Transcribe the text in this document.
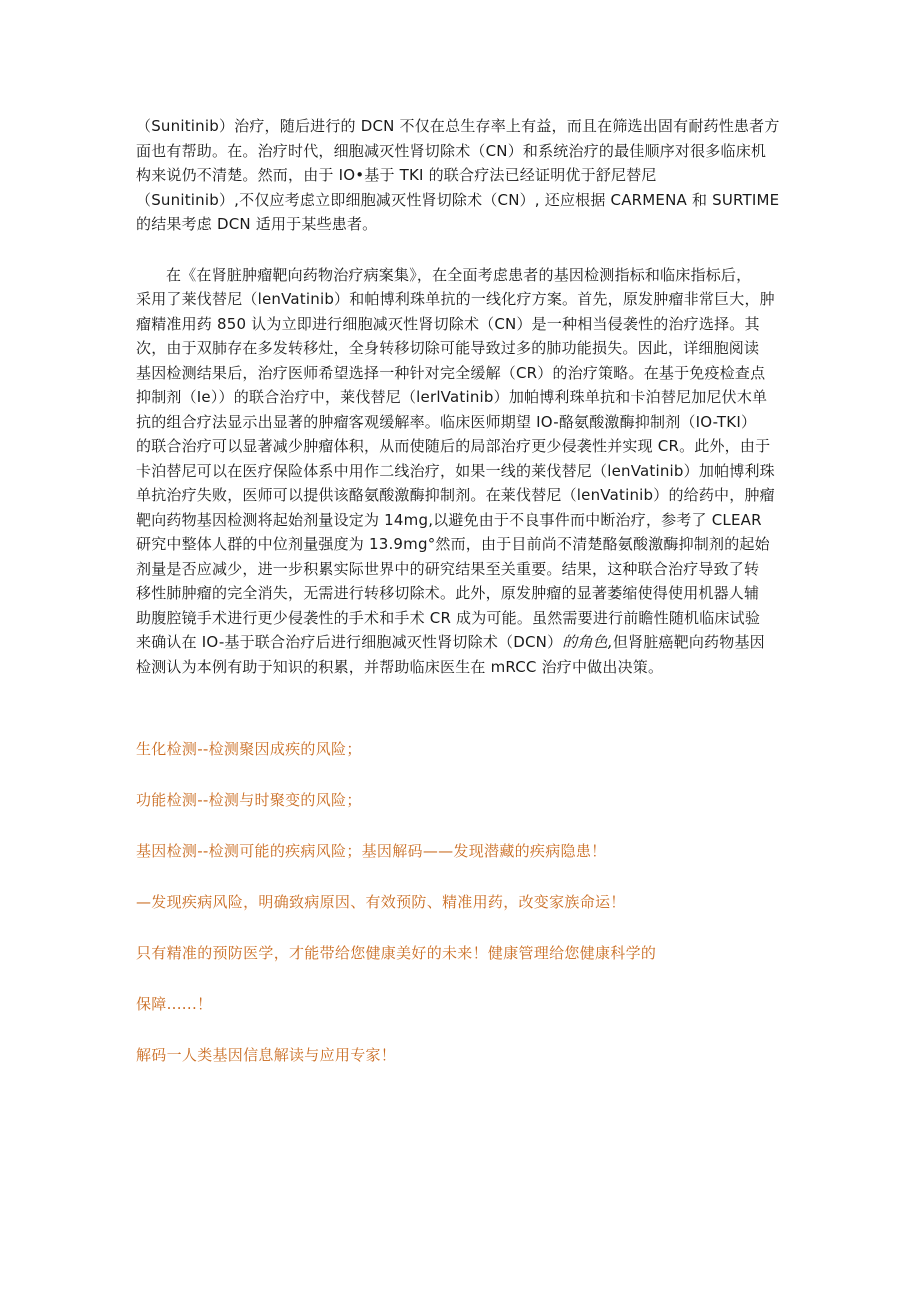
（Sunitinib）治疗，随后进行的 DCN 不仅在总生存率上有益，而且在筛选出固有耐药性患者方
面也有帮助。在。治疗时代，细胞减灭性肾切除术（CN）和系统治疗的最佳顺序对很多临床机
构来说仍不清楚。然而，由于 IO•基于 TKI 的联合疗法已经证明优于舒尼替尼
（Sunitinib）,不仅应考虑立即细胞减灭性肾切除术（CN）, 还应根据 CARMENA 和 SURTIME
的结果考虑 DCN 适用于某些患者。
在《在肾脏肿瘤靶向药物治疗病案集》，在全面考虑患者的基因检测指标和临床指标后，
采用了莱伐替尼（lenVatinib）和帕博利珠单抗的一线化疗方案。首先，原发肿瘤非常巨大，肿
瘤精准用药 850 认为立即进行细胞减灭性肾切除术（CN）是一种相当侵袭性的治疗选择。其
次，由于双肺存在多发转移灶，全身转移切除可能导致过多的肺功能损失。因此，详细胞阅读
基因检测结果后，治疗医师希望选择一种针对完全缓解（CR）的治疗策略。在基于免疫检查点
抑制剂（Ie））的联合治疗中，莱伐替尼（lerlVatinib）加帕博利珠单抗和卡泊替尼加尼伏木单
抗的组合疗法显示出显著的肿瘤客观缓解率。临床医师期望 IO-酪氨酸激酶抑制剂（IO-TKI）
的联合治疗可以显著减少肿瘤体积，从而使随后的局部治疗更少侵袭性并实现 CR。此外，由于
卡泊替尼可以在医疗保险体系中用作二线治疗，如果一线的莱伐替尼（lenVatinib）加帕博利珠
单抗治疗失败，医师可以提供该酪氨酸激酶抑制剂。在莱伐替尼（lenVatinib）的给药中，肿瘤
靶向药物基因检测将起始剂量设定为 14mg,以避免由于不良事件而中断治疗，参考了 CLEAR
研究中整体人群的中位剂量强度为 13.9mg°然而，由于目前尚不清楚酪氨酸激酶抑制剂的起始
剂量是否应减少，进一步积累实际世界中的研究结果至关重要。结果，这种联合治疗导致了转
移性肺肿瘤的完全消失，无需进行转移切除术。此外，原发肿瘤的显著萎缩使得使用机器人辅
助腹腔镜手术进行更少侵袭性的手术和手术 CR 成为可能。虽然需要进行前瞻性随机临床试验
来确认在 IO-基于联合治疗后进行细胞减灭性肾切除术（DCN）的角色,但肾脏癌靶向药物基因
检测认为本例有助于知识的积累，并帮助临床医生在 mRCC 治疗中做出决策。
生化检测--检测聚因成疾的风险；
功能检测--检测与时聚变的风险；
基因检测--检测可能的疾病风险；基因解码——发现潜藏的疾病隐患！
—发现疾病风险，明确致病原因、有效预防、精准用药，改变家族命运！
只有精准的预防医学，才能带给您健康美好的未来！健康管理给您健康科学的
保障......！
解码一人类基因信息解读与应用专家！
